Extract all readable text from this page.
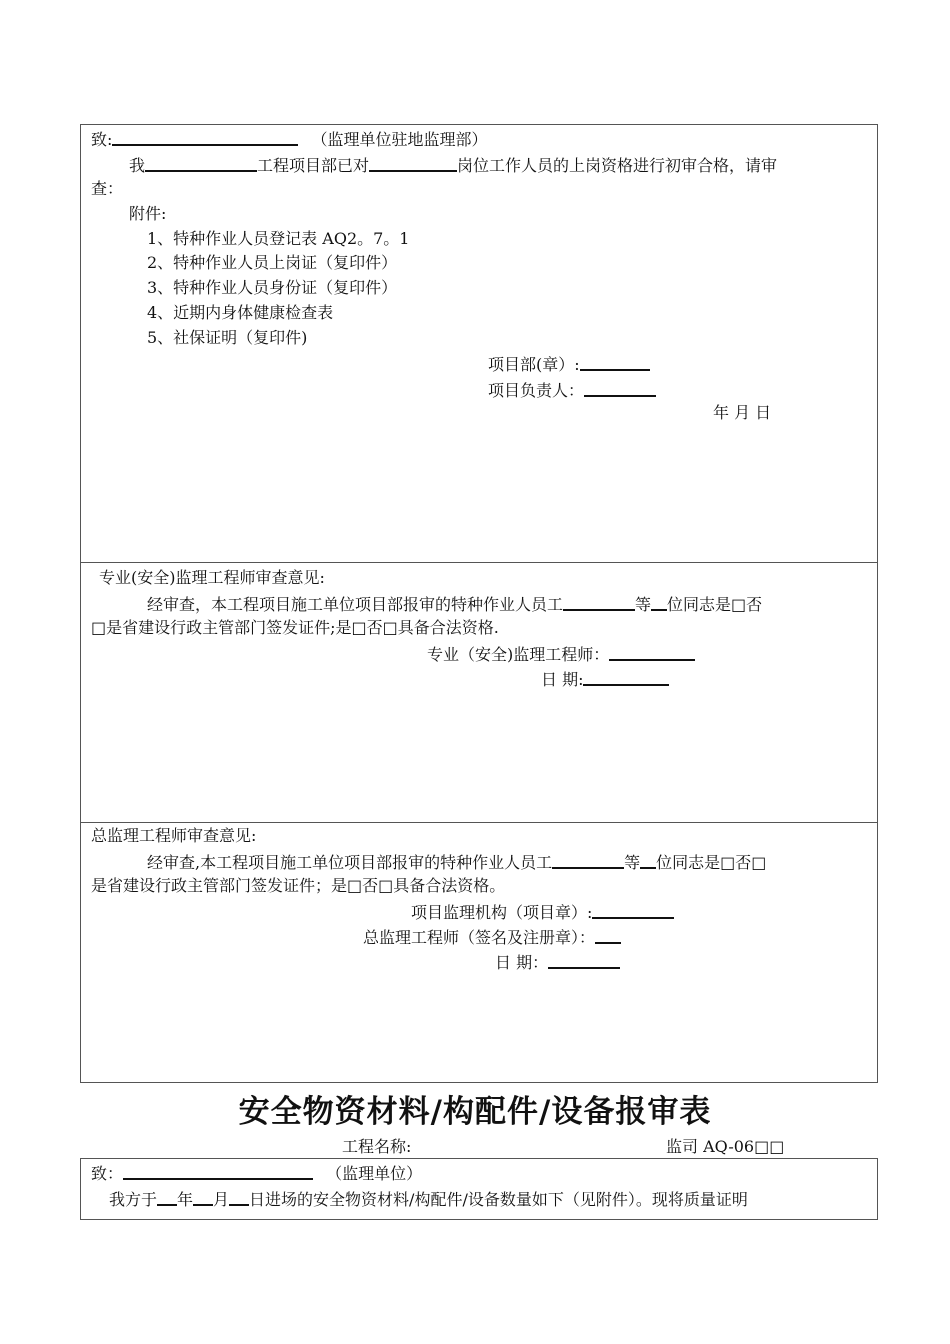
致:	（监理单位驻地监理部）
我	工程项目部已对	岗位工作人员的上岗资格进行初审合格，请审
查：
附件:
1、特种作业人员登记表 AQ2。7。1
2、特种作业人员上岗证（复印件）
3、特种作业人员身份证（复印件）
4、近期内身体健康检查表
5、社保证明（复印件)
项目部(章）:
项目负责人：
年 月 日
专业(安全)监理工程师审查意见:
经审查，本工程项目施工单位项目部报审的特种作业人员工	等 位同志是□否
□是省建设行政主管部门签发证件;是□否□具备合法资格.
专业（安全)监理工程师：
日 期:
总监理工程师审查意见:
经审查,本工程项目施工单位项目部报审的特种作业人员工	等 位同志是□否□
是省建设行政主管部门签发证件；是□否□具备合法资格。
项目监理机构（项目章）:
总监理工程师（签名及注册章）：
日 期：
安全物资材料/构配件/设备报审表
工程名称:	监司 AQ-06□□
致：	（监理单位）
我方于 年 月 日进场的安全物资材料/构配件/设备数量如下（见附件）。现将质量证明
